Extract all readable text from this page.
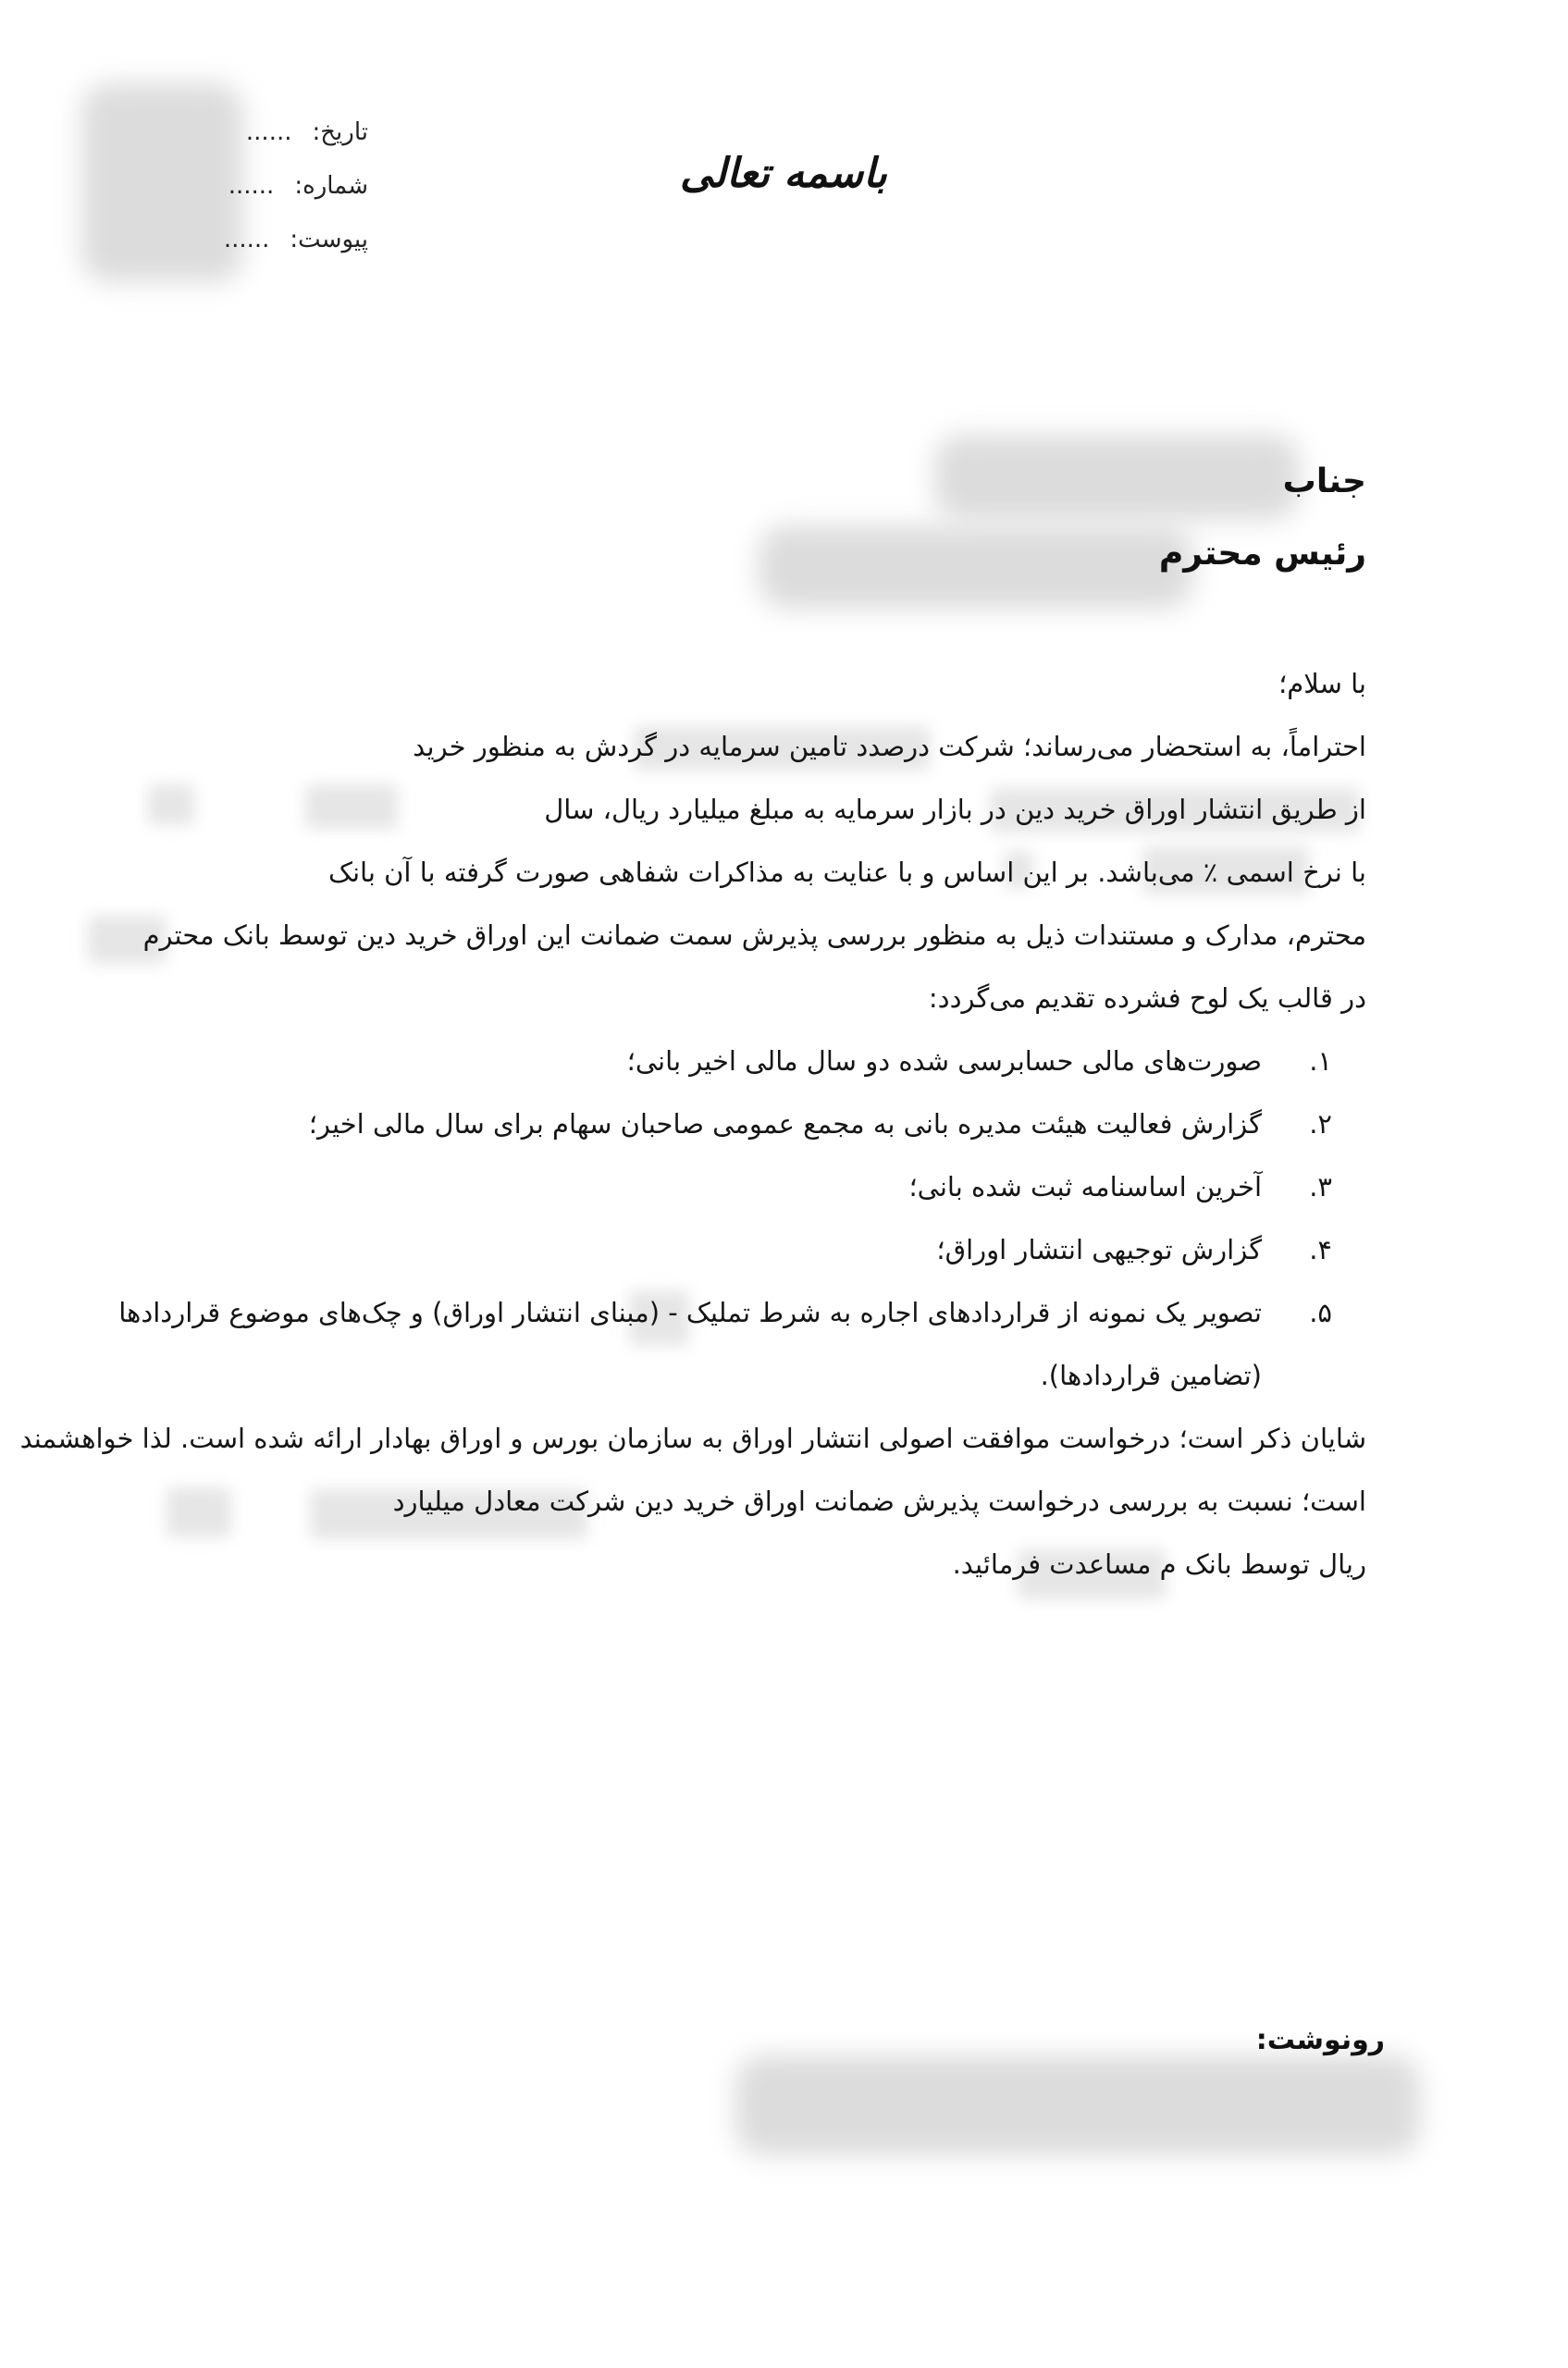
تاریخ:......
شماره:......
پیوست:......
باسمه تعالی
جناب
رئیس محترم
با سلام؛
احتراماً، به استحضار می‌رساند؛ شرکت درصدد تامین سرمایه در گردش به منظور خرید
از طریق انتشار اوراق خرید دین در بازار سرمایه به مبلغ میلیارد ریال، سال
با نرخ اسمی ٪ می‌باشد. بر این اساس و با عنایت به مذاکرات شفاهی صورت گرفته با آن بانک
محترم، مدارک و مستندات ذیل به منظور بررسی پذیرش سمت ضمانت این اوراق خرید دین توسط بانک محترم
در قالب یک لوح فشرده تقدیم می‌گردد:
۱.صورت‌های مالی حسابرسی شده دو سال مالی اخیر بانی؛
۲.گزارش فعالیت هیئت مدیره بانی به مجمع عمومی صاحبان سهام برای سال مالی اخیر؛
۳.آخرین اساسنامه ثبت شده بانی؛
۴.گزارش توجیهی انتشار اوراق؛
۵.تصویر یک نمونه از قراردادهای اجاره به شرط تملیک - (مبنای انتشار اوراق) و چک‌های موضوع قراردادها
(تضامین قراردادها).
شایان ذکر است؛ درخواست موافقت اصولی انتشار اوراق به سازمان بورس و اوراق بهادار ارائه شده است. لذا خواهشمند
است؛ نسبت به بررسی درخواست پذیرش ضمانت اوراق خرید دین شرکت معادل میلیارد
ریال توسط بانک م مساعدت فرمائید.
رونوشت:
